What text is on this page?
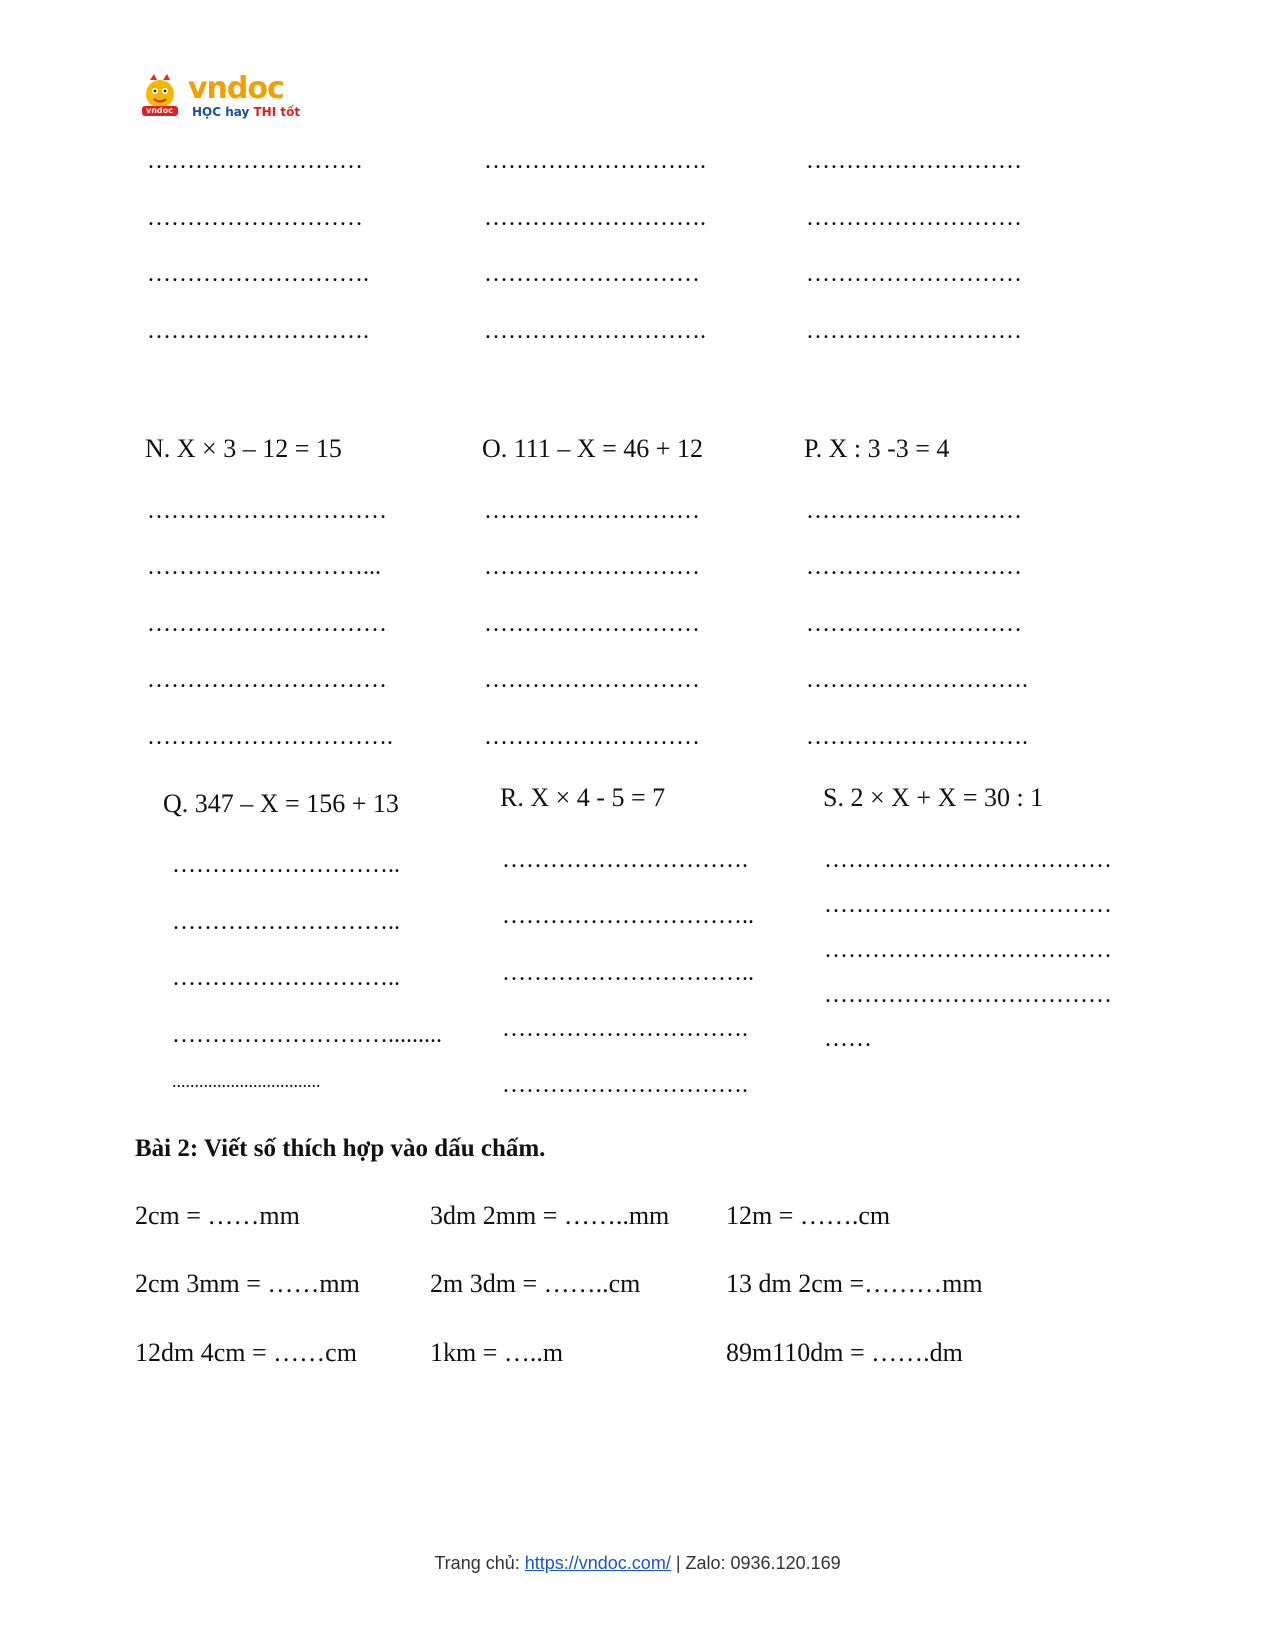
vndoc
vndoc
HỌC hay THI tốt
………………………
………………………
……………………….
……………………….
……………………….
……………………….
………………………
……………………….
………………………
………………………
………………………
………………………
N. X × 3 – 12 = 15	O. 111 – X = 46 + 12	P. X : 3 -3 = 4
…………………………
………………………...
…………………………
…………………………
………………………….
………………………
………………………
………………………
………………………
………………………
………………………
………………………
………………………
……………………….
……………………….
Q. 347 – X = 156 + 13	R. X × 4 - 5 = 7	S. 2 × X + X = 30 : 1
………………………..
………………………..
………………………..
……………………….........
.................................
………………………….
…………………………..
…………………………..
………………………….
………………………….
………………………………
………………………………
………………………………
………………………………
……
Bài 2: Viết số thích hợp vào dấu chấm.
2cm = ……mm	3dm 2mm = ……..mm 12m = …….cm
2cm 3mm = ……mm	2m 3dm = ……..cm	13 dm 2cm =………mm
12dm 4cm = ……cm	1km = …..m	89m110dm = …….dm
Trang chủ: https://vndoc.com/ | Zalo: 0936.120.169
